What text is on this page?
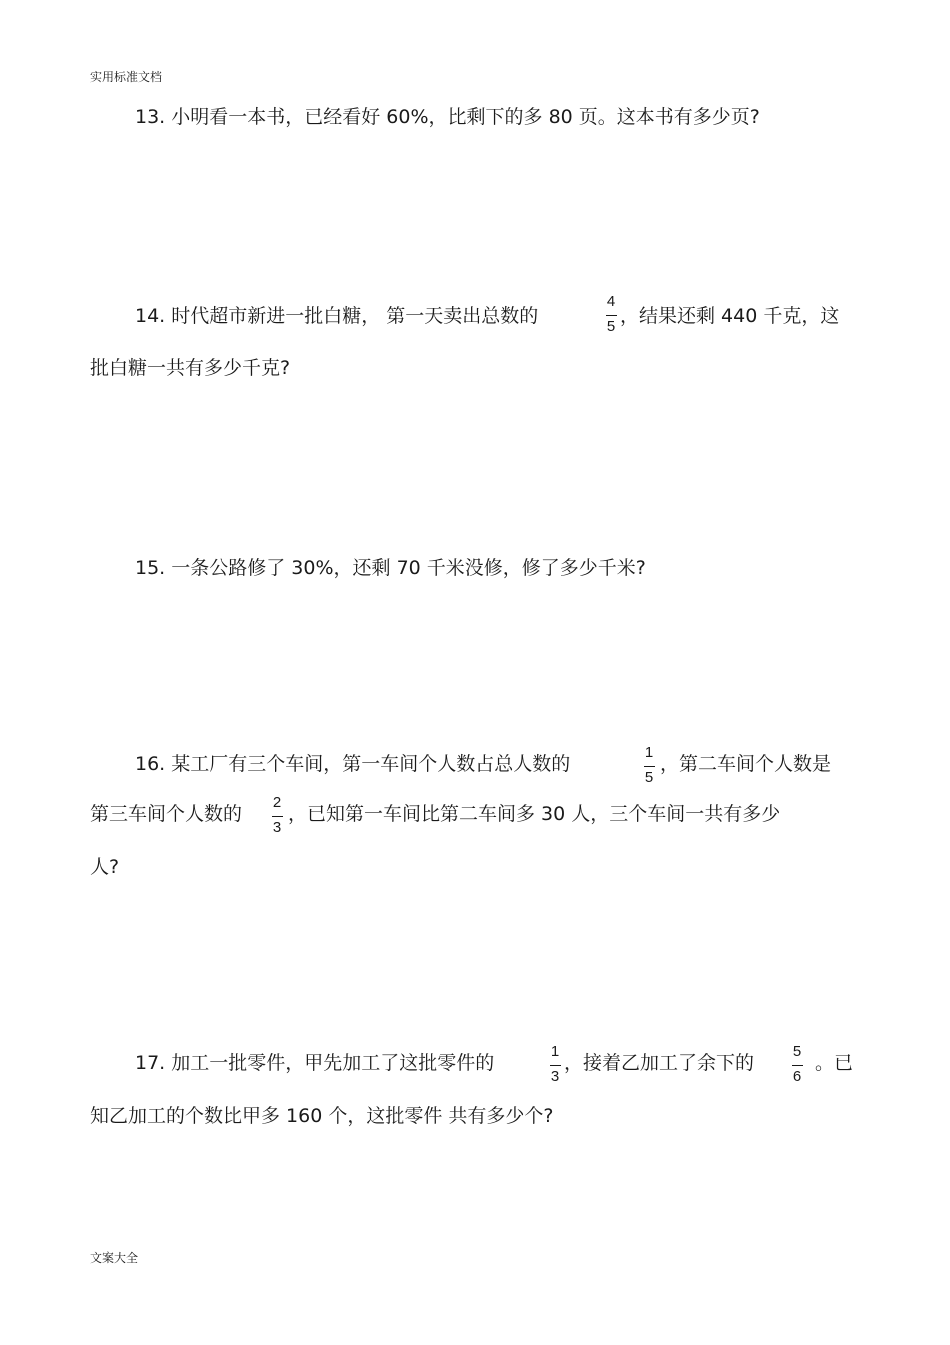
实用标准文档
13. 小明看一本书，已经看好 60%，比剩下的多 80 页。这本书有多少页?
14. 时代超市新进一批白糖， 第一天卖出总数的
4
5 ，结果还剩 440 千克，这
批白糖一共有多少千克?
15. 一条公路修了 30%，还剩 70 千米没修，修了多少千米?
16. 某工厂有三个车间，第一车间个人数占总人数的
1
5
，第二车间个人数是
第三车间个人数的
2
3
，已知第一车间比第二车间多 30 人，三个车间一共有多少
人?
17. 加工一批零件，甲先加工了这批零件的
1
3
，接着乙加工了余下的
5
6
。已
知乙加工的个数比甲多 160 个，这批零件 共有多少个?
文案大全
